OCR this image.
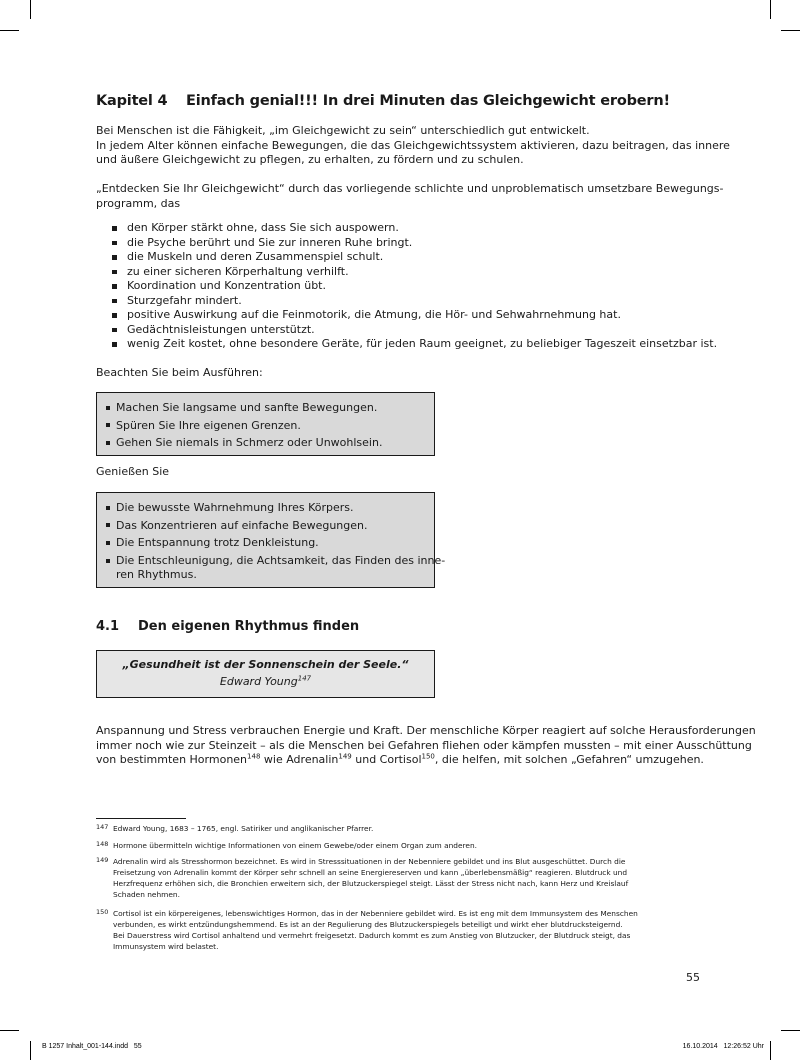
Kapitel 4 Einfach genial!!! In drei Minuten das Gleichgewicht erobern!
Bei Menschen ist die Fähigkeit, „im Gleichgewicht zu sein“ unterschiedlich gut entwickelt.
In jedem Alter können einfache Bewegungen, die das Gleichgewichtssystem aktivieren, dazu beitragen, das innere
und äußere Gleichgewicht zu pflegen, zu erhalten, zu fördern und zu schulen.
„Entdecken Sie Ihr Gleichgewicht“ durch das vorliegende schlichte und unproblematisch umsetzbare Bewegungs-
programm, das
den Körper stärkt ohne, dass Sie sich auspowern.
die Psyche berührt und Sie zur inneren Ruhe bringt.
die Muskeln und deren Zusammenspiel schult.
zu einer sicheren Körperhaltung verhilft.
Koordination und Konzentration übt.
Sturzgefahr mindert.
positive Auswirkung auf die Feinmotorik, die Atmung, die Hör- und Sehwahrnehmung hat.
Gedächtnisleistungen unterstützt.
wenig Zeit kostet, ohne besondere Geräte, für jeden Raum geeignet, zu beliebiger Tageszeit einsetzbar ist.
Beachten Sie beim Ausführen:
Machen Sie langsame und sanfte Bewegungen.
Spüren Sie Ihre eigenen Grenzen.
Gehen Sie niemals in Schmerz oder Unwohlsein.
Genießen Sie
Die bewusste Wahrnehmung Ihres Körpers.
Das Konzentrieren auf einfache Bewegungen.
Die Entspannung trotz Denkleistung.
Die Entschleunigung, die Achtsamkeit, das Finden des inne-
ren Rhythmus.
4.1 Den eigenen Rhythmus finden
„Gesundheit ist der Sonnenschein der Seele.“
Edward Young$^{147}$
Anspannung und Stress verbrauchen Energie und Kraft. Der menschliche Körper reagiert auf solche Herausforderungen
immer noch wie zur Steinzeit – als die Menschen bei Gefahren fliehen oder kämpfen mussten – mit einer Ausschüttung
von bestimmten Hormonen$^{148}$ wie Adrenalin$^{149}$ und Cortisol$^{150}$, die helfen, mit solchen „Gefahren“ umzugehen.
147 Edward Young, 1683 – 1765, engl. Satiriker und anglikanischer Pfarrer.
148 Hormone übermitteln wichtige Informationen von einem Gewebe/oder einem Organ zum anderen.
149 Adrenalin wird als Stresshormon bezeichnet. Es wird in Stresssituationen in der Nebenniere gebildet und ins Blut ausgeschüttet. Durch die
Freisetzung von Adrenalin kommt der Körper sehr schnell an seine Energiereserven und kann „überlebensmäßig“ reagieren. Blutdruck und
Herzfrequenz erhöhen sich, die Bronchien erweitern sich, der Blutzuckerspiegel steigt. Lässt der Stress nicht nach, kann Herz und Kreislauf
Schaden nehmen.
150 Cortisol ist ein körpereigenes, lebenswichtiges Hormon, das in der Nebenniere gebildet wird. Es ist eng mit dem Immunsystem des Menschen
verbunden, es wirkt entzündungshemmend. Es ist an der Regulierung des Blutzuckerspiegels beteiligt und wirkt eher blutdrucksteigernd.
Bei Dauerstress wird Cortisol anhaltend und vermehrt freigesetzt. Dadurch kommt es zum Anstieg von Blutzucker, der Blutdruck steigt, das
Immunsystem wird belastet.
55
B 1257 Inhalt_001-144.indd   55	16.10.2014   12:26:52 Uhr
